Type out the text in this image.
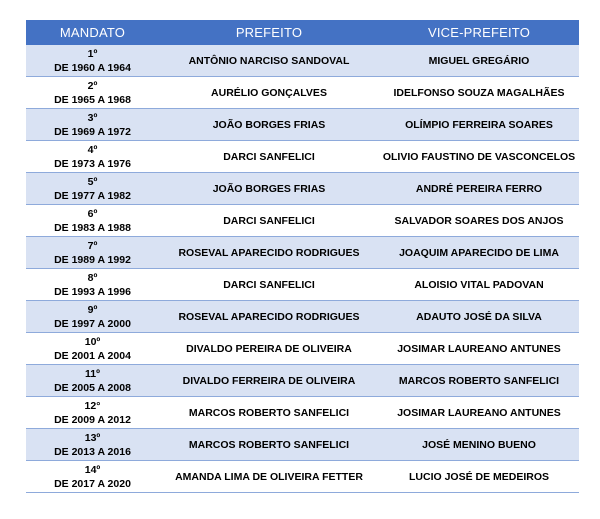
MANDATO	PREFEITO	VICE-PREFEITO

1º
DE 1960 A 1964	ANTÔNIO NARCISO SANDOVAL	MIGUEL GREGÁRIO

2º
DE 1965 A 1968	AURÉLIO GONÇALVES	IDELFONSO SOUZA MAGALHÃES

3º
DE 1969 A 1972	JOÃO BORGES FRIAS	OLÍMPIO FERREIRA SOARES

4º
DE 1973 A 1976	DARCI SANFELICI	OLIVIO FAUSTINO DE VASCONCELOS

5º
DE 1977 A 1982	JOÃO BORGES FRIAS	ANDRÉ PEREIRA FERRO

6º
DE 1983 A 1988	DARCI SANFELICI	SALVADOR SOARES DOS ANJOS

7º
DE 1989 A 1992	ROSEVAL APARECIDO RODRIGUES	JOAQUIM APARECIDO DE LIMA

8º
DE 1993 A 1996	DARCI SANFELICI	ALOISIO VITAL PADOVAN

9º
DE 1997 A 2000	ROSEVAL APARECIDO RODRIGUES	ADAUTO JOSÉ DA SILVA

10º
DE 2001 A 2004	DIVALDO PEREIRA DE OLIVEIRA	JOSIMAR LAUREANO ANTUNES

11º
DE 2005 A 2008	DIVALDO FERREIRA DE OLIVEIRA	MARCOS ROBERTO SANFELICI

12°
DE 2009 A 2012	MARCOS ROBERTO SANFELICI	JOSIMAR LAUREANO ANTUNES

13º
DE 2013 A 2016	MARCOS ROBERTO SANFELICI	JOSÉ MENINO BUENO

14º
DE 2017 A 2020	AMANDA LIMA DE OLIVEIRA FETTER	LUCIO JOSÉ DE MEDEIROS
